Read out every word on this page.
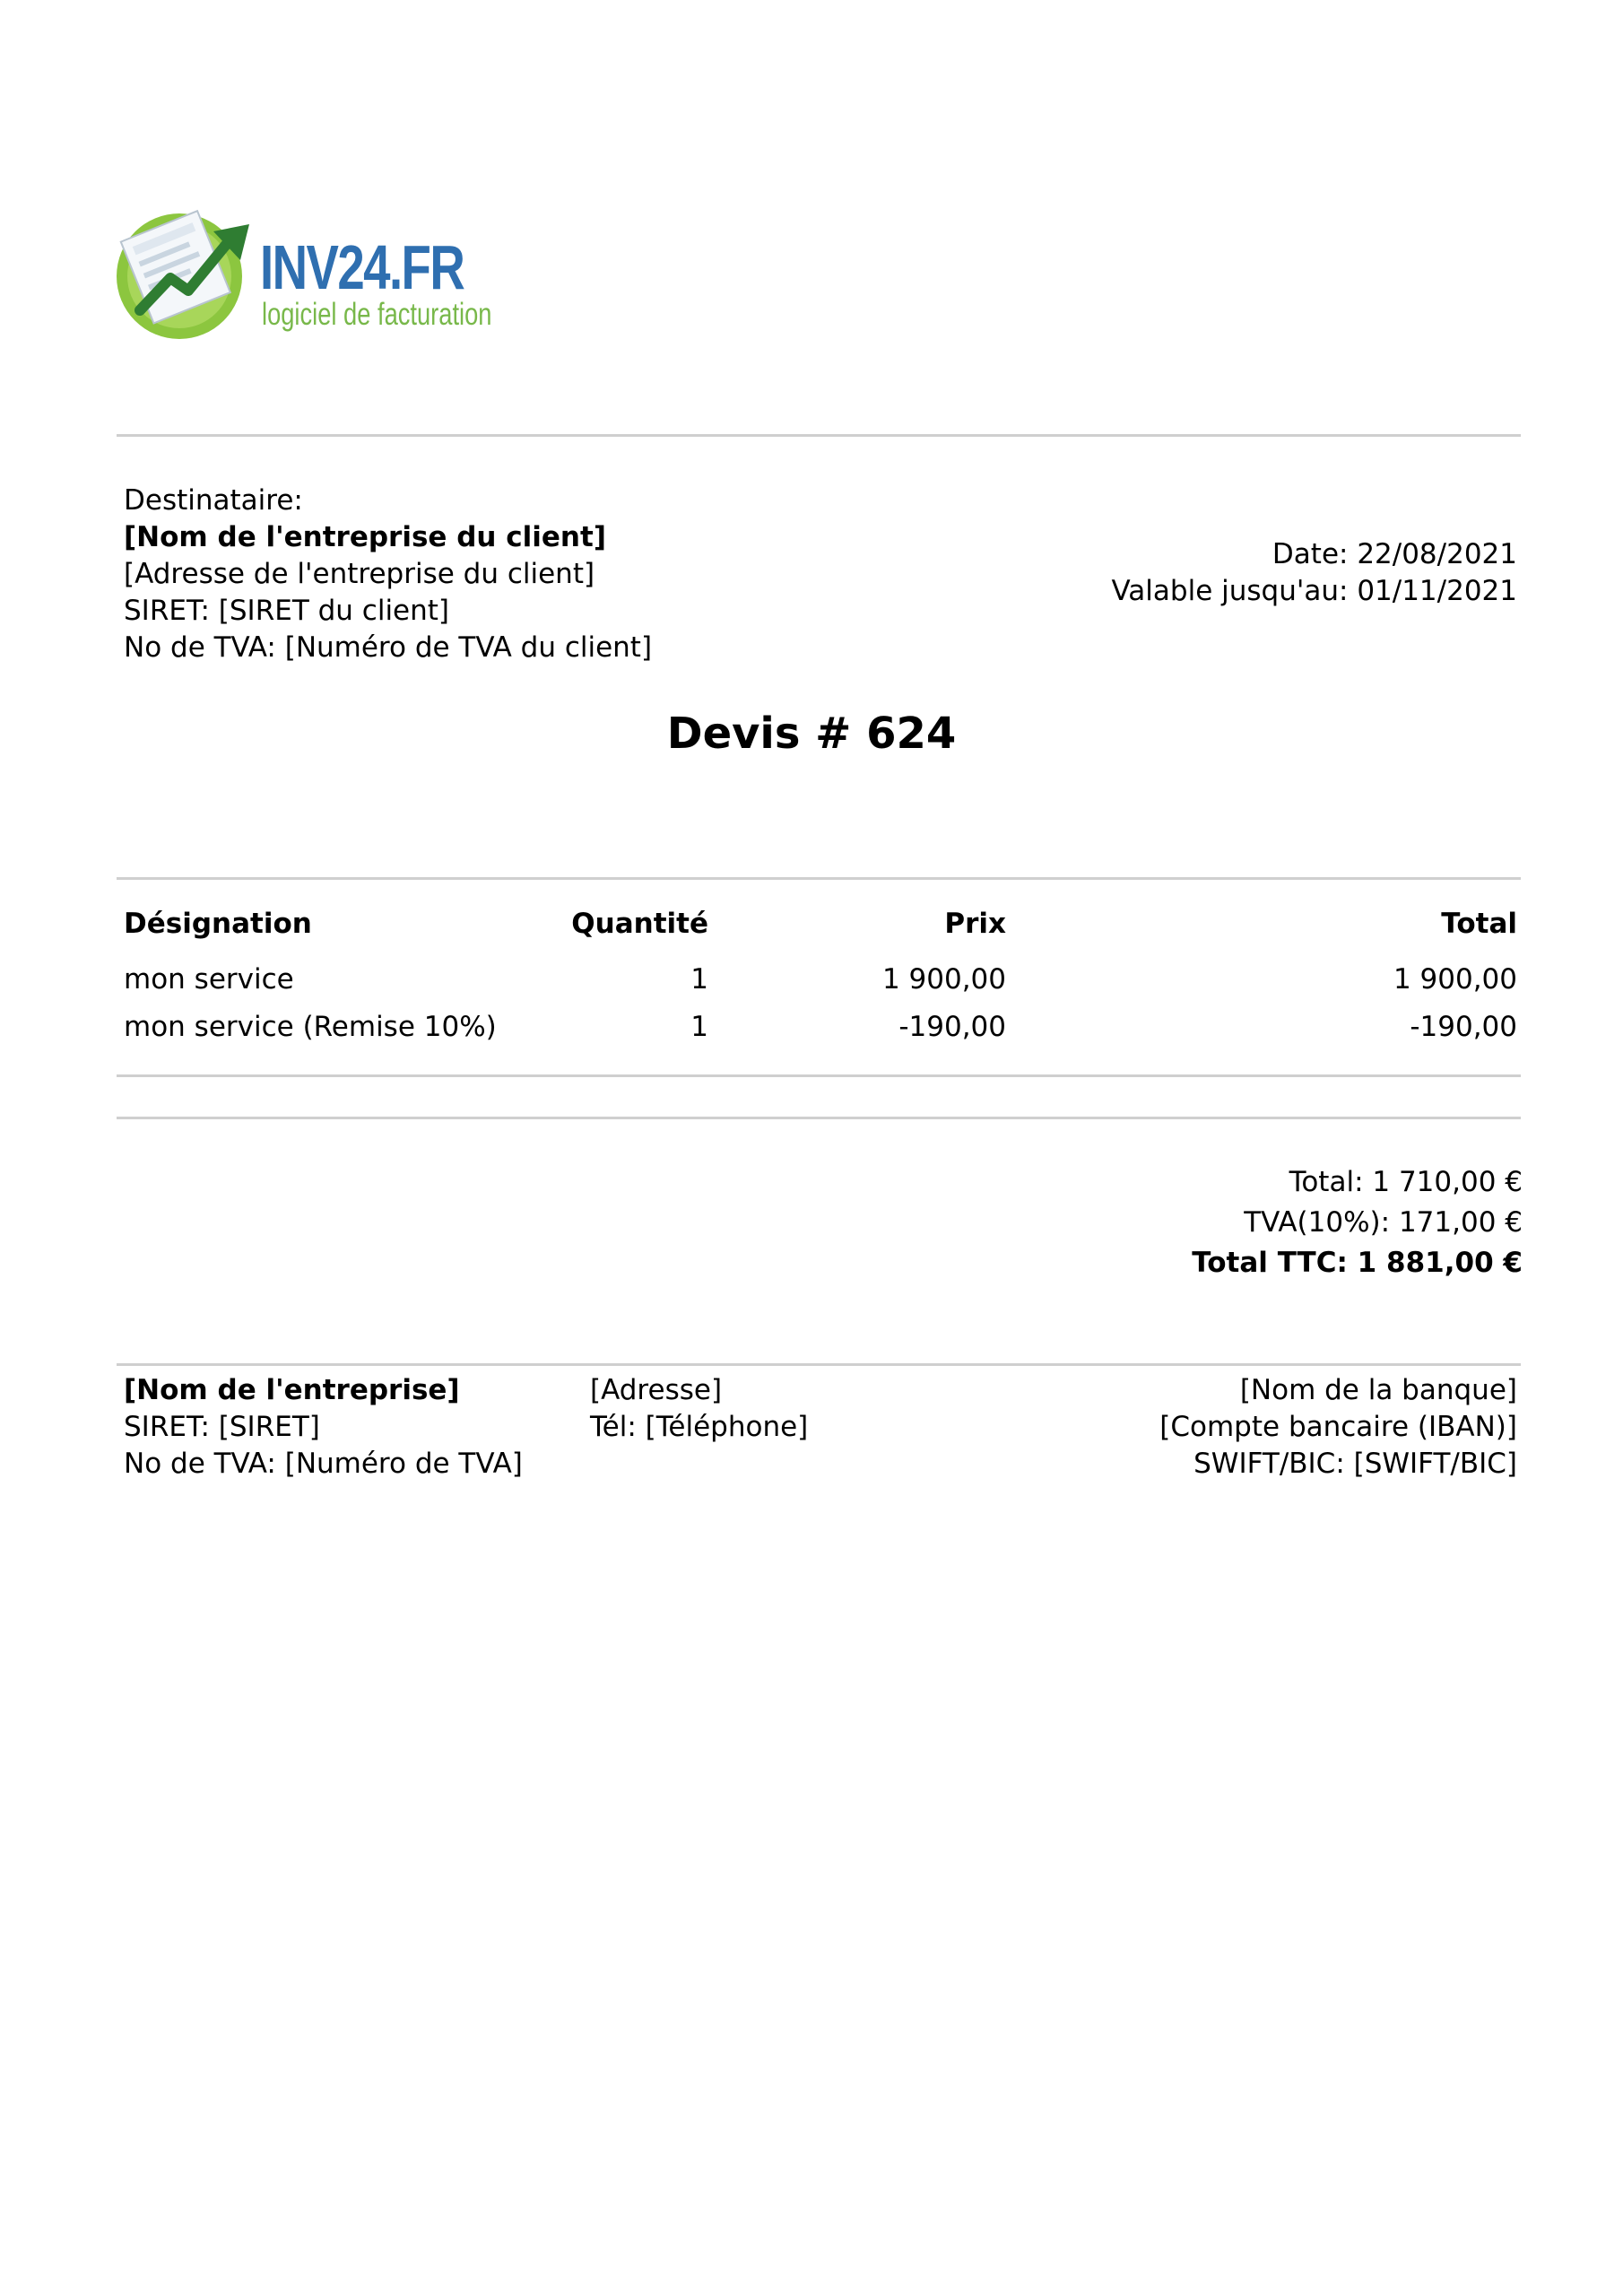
INV24.FR
logiciel de facturation
Destinataire:
[Nom de l'entreprise du client]
[Adresse de l'entreprise du client]
SIRET: [SIRET du client]
No de TVA: [Numéro de TVA du client]
Date: 22/08/2021
Valable jusqu'au: 01/11/2021
Devis # 624
Désignation	Quantité	Prix	Total
mon service	1	1 900,00	1 900,00
mon service (Remise 10%)	1	-190,00	-190,00
Total: 1 710,00 €
TVA(10%): 171,00 €
Total TTC: 1 881,00 €
[Nom de l'entreprise]
SIRET: [SIRET]
No de TVA: [Numéro de TVA]
[Adresse]
Tél: [Téléphone]
[Nom de la banque]
[Compte bancaire (IBAN)]
SWIFT/BIC: [SWIFT/BIC]
